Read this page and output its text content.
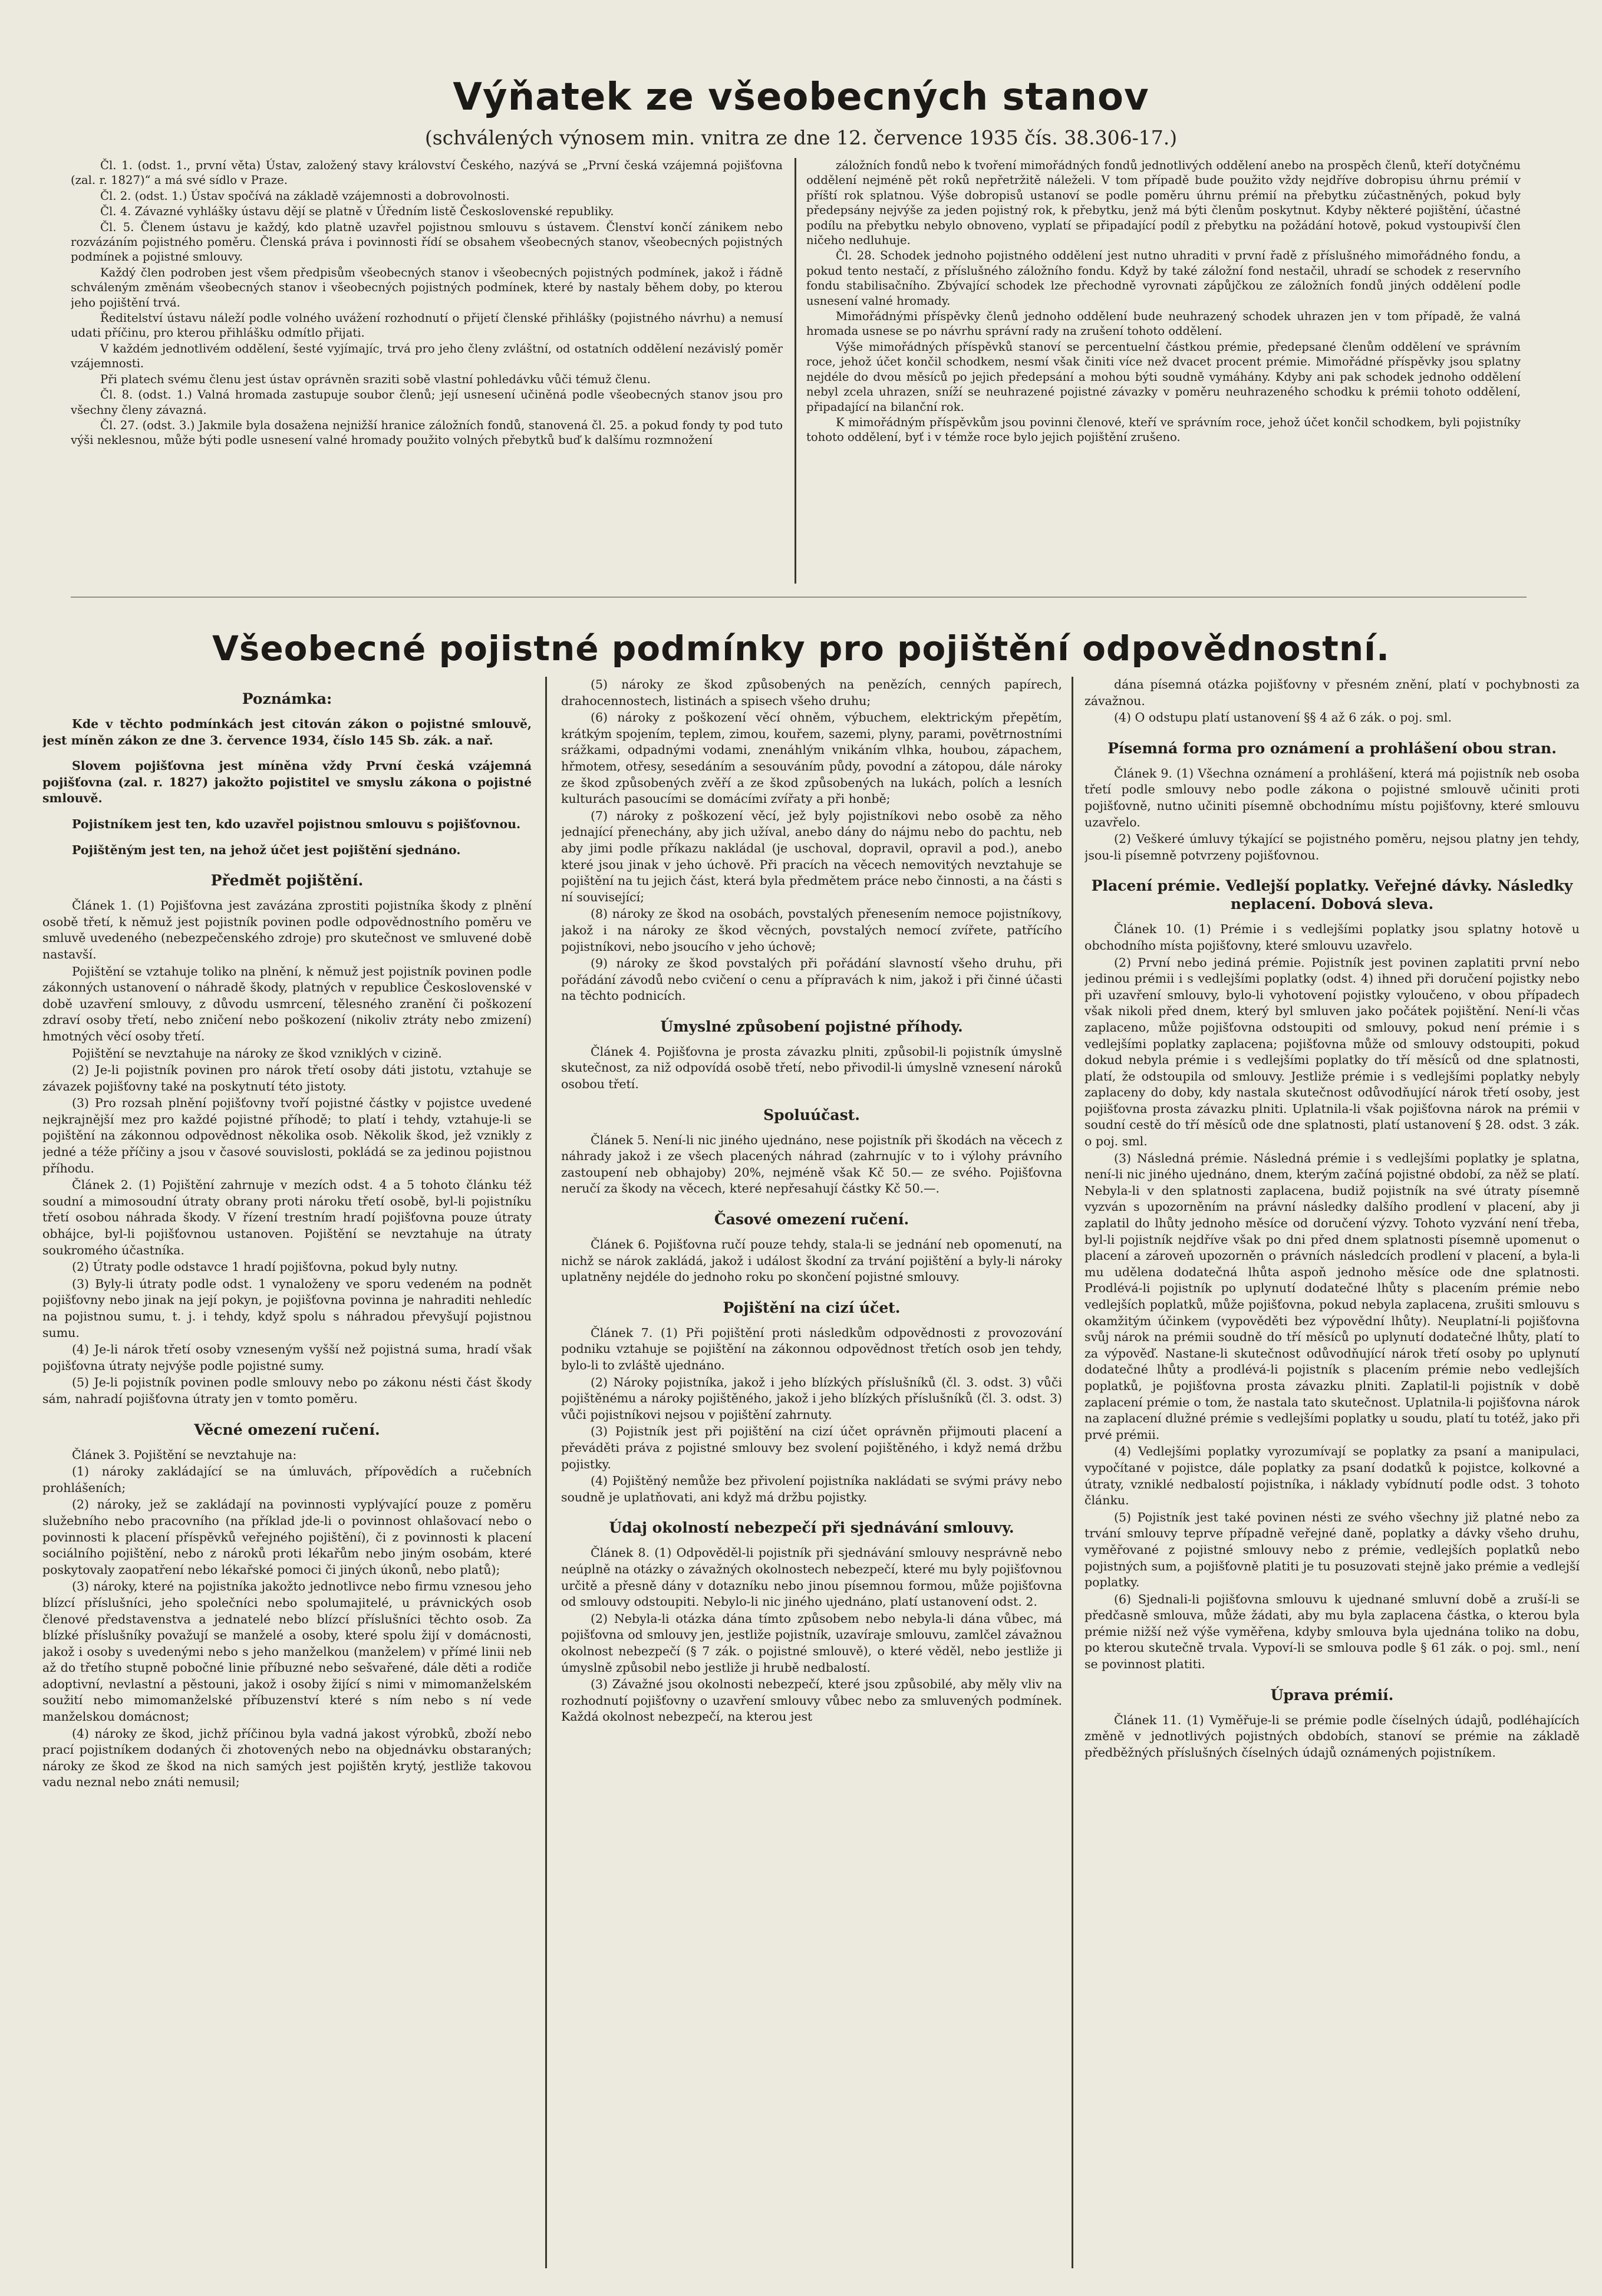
Výňatek ze všeobecných stanov
(schválených výnosem min. vnitra ze dne 12. července 1935 čís. 38.306-17.)

Čl. 1. (odst. 1., první věta) Ústav, založený stavy království Českého, nazývá se „První česká vzájemná pojišťovna (zal. r. 1827)“ a má své sídlo v Praze.

Čl. 2. (odst. 1.) Ústav spočívá na základě vzájemnosti a dobrovolnosti.

Čl. 4. Závazné vyhlášky ústavu dějí se platně v Úředním listě Československé republiky.

Čl. 5. Členem ústavu je každý, kdo platně uzavřel pojistnou smlouvu s ústavem. Členství končí zánikem nebo rozvázáním pojistného poměru. Členská práva i povinnosti řídí se obsahem všeobecných stanov, všeobecných pojistných podmínek a pojistné smlouvy.

Každý člen podroben jest všem předpisům všeobecných stanov i všeobecných pojistných podmínek, jakož i řádně schváleným změnám všeobecných stanov i všeobecných pojistných podmínek, které by nastaly během doby, po kterou jeho pojištění trvá.

Ředitelství ústavu náleží podle volného uvážení rozhodnutí o přijetí členské přihlášky (pojistného návrhu) a nemusí udati příčinu, pro kterou přihlášku odmítlo přijati.

V každém jednotlivém oddělení, šesté vyjímajíc, trvá pro jeho členy zvláštní, od ostatních oddělení nezávislý poměr vzájemnosti.

Při platech svému členu jest ústav oprávněn sraziti sobě vlastní pohledávku vůči témuž členu.

Čl. 8. (odst. 1.) Valná hromada zastupuje soubor členů; její usnesení učiněná podle všeobecných stanov jsou pro všechny členy závazná.

Čl. 27. (odst. 3.) Jakmile byla dosažena nejnižší hranice záložních fondů, stanovená čl. 25. a pokud fondy ty pod tuto výši neklesnou, může býti podle usnesení valné hromady použito volných přebytků buď k dalšímu rozmnožení

záložních fondů nebo k tvoření mimořádných fondů jednotlivých oddělení anebo na prospěch členů, kteří dotyčnému oddělení nejméně pět roků nepřetržitě náleželi. V tom případě bude použito vždy nejdříve dobropisu úhrnu prémií v příští rok splatnou. Výše dobropisů ustanoví se podle poměru úhrnu prémií na přebytku zúčastněných, pokud byly předepsány nejvýše za jeden pojistný rok, k přebytku, jenž má býti členům poskytnut. Kdyby některé pojištění, účastné podílu na přebytku nebylo obnoveno, vyplatí se připadající podíl z přebytku na požádání hotově, pokud vystoupivší člen ničeho nedluhuje.

Čl. 28. Schodek jednoho pojistného oddělení jest nutno uhraditi v první řadě z příslušného mimořádného fondu, a pokud tento nestačí, z příslušného záložního fondu. Když by také záložní fond nestačil, uhradí se schodek z reservního fondu stabilisačního. Zbývající schodek lze přechodně vyrovnati zápůjčkou ze záložních fondů jiných oddělení podle usnesení valné hromady.

Mimořádnými příspěvky členů jednoho oddělení bude neuhrazený schodek uhrazen jen v tom případě, že valná hromada usnese se po návrhu správní rady na zrušení tohoto oddělení.

Výše mimořádných příspěvků stanoví se percentuelní částkou prémie, předepsané členům oddělení ve správním roce, jehož účet končil schodkem, nesmí však činiti více než dvacet procent prémie. Mimořádné příspěvky jsou splatny nejdéle do dvou měsíců po jejich předepsání a mohou býti soudně vymáhány. Kdyby ani pak schodek jednoho oddělení nebyl zcela uhrazen, sníží se neuhrazené pojistné závazky v poměru neuhrazeného schodku k prémii tohoto oddělení, připadající na bilanční rok.

K mimořádným příspěvkům jsou povinni členové, kteří ve správním roce, jehož účet končil schodkem, byli pojistníky tohoto oddělení, byť i v témže roce bylo jejich pojištění zrušeno.

Všeobecné pojistné podmínky pro pojištění odpovědnostní.
Poznámka:

Kde v těchto podmínkách jest citován zákon o pojistné smlouvě, jest míněn zákon ze dne 3. července 1934, číslo 145 Sb. zák. a nař.

Slovem pojišťovna jest míněna vždy První česká vzájemná pojišťovna (zal. r. 1827) jakožto pojistitel ve smyslu zákona o pojistné smlouvě.

Pojistníkem jest ten, kdo uzavřel pojistnou smlouvu s pojišťovnou.

Pojištěným jest ten, na jehož účet jest pojištění sjednáno.

Předmět pojištění.

Článek 1. (1) Pojišťovna jest zavázána zprostiti pojistníka škody z plnění osobě třetí, k němuž jest pojistník povinen podle odpovědnostního poměru ve smluvě uvedeného (nebezpečenského zdroje) pro skutečnost ve smluvené době nastavší.

Pojištění se vztahuje toliko na plnění, k němuž jest pojistník povinen podle zákonných ustanovení o náhradě škody, platných v republice Československé v době uzavření smlouvy, z důvodu usmrcení, tělesného zranění či poškození zdraví osoby třetí, nebo zničení nebo poškození (nikoliv ztráty nebo zmizení) hmotných věcí osoby třetí.

Pojištění se nevztahuje na nároky ze škod vzniklých v cizině.

(2) Je-li pojistník povinen pro nárok třetí osoby dáti jistotu, vztahuje se závazek pojišťovny také na poskytnutí této jistoty.

(3) Pro rozsah plnění pojišťovny tvoří pojistné částky v pojistce uvedené nejkrajnější mez pro každé pojistné příhodě; to platí i tehdy, vztahuje-li se pojištění na zákonnou odpovědnost několika osob. Několik škod, jež vznikly z jedné a téže příčiny a jsou v časové souvislosti, pokládá se za jedinou pojistnou příhodu.

Článek 2. (1) Pojištění zahrnuje v mezích odst. 4 a 5 tohoto článku též soudní a mimosoudní útraty obrany proti nároku třetí osobě, byl-li pojistníku třetí osobou náhrada škody. V řízení trestním hradí pojišťovna pouze útraty obhájce, byl-li pojišťovnou ustanoven. Pojištění se nevztahuje na útraty soukromého účastníka.

(2) Útraty podle odstavce 1 hradí pojišťovna, pokud byly nutny.

(3) Byly-li útraty podle odst. 1 vynaloženy ve sporu vedeném na podnět pojišťovny nebo jinak na její pokyn, je pojišťovna povinna je nahraditi nehledíc na pojistnou sumu, t. j. i tehdy, když spolu s náhradou převyšují pojistnou sumu.

(4) Je-li nárok třetí osoby vzneseným vyšší než pojistná suma, hradí však pojišťovna útraty nejvýše podle pojistné sumy.

(5) Je-li pojistník povinen podle smlouvy nebo po zákonu nésti část škody sám, nahradí pojišťovna útraty jen v tomto poměru.

Věcné omezení ručení.

Článek 3. Pojištění se nevztahuje na:

(1) nároky zakládající se na úmluvách, přípovědích a ručebních prohlášeních;

(2) nároky, jež se zakládají na povinnosti vyplývající pouze z poměru služebního nebo pracovního (na příklad jde-li o povinnost ohlašovací nebo o povinnosti k placení příspěvků veřejného pojištění), či z povinnosti k placení sociálního pojištění, nebo z nároků proti lékařům nebo jiným osobám, které poskytovaly zaopatření nebo lékařské pomoci či jiných úkonů, nebo platů);

(3) nároky, které na pojistníka jakožto jednotlivce nebo firmu vznesou jeho blízcí příslušníci, jeho společníci nebo spolumajitelé, u právnických osob členové představenstva a jednatelé nebo blízcí příslušníci těchto osob. Za blízké příslušníky považují se manželé a osoby, které spolu žijí v domácnosti, jakož i osoby s uvedenými nebo s jeho manželkou (manželem) v přímé linii neb až do třetího stupně pobočné linie příbuzné nebo sešvařené, dále děti a rodiče adoptivní, nevlastní a pěstouni, jakož i osoby žijící s nimi v mimomanželském soužití nebo mimomanželské příbuzenství které s ním nebo s ní vede manželskou domácnost;

(4) nároky ze škod, jichž příčinou byla vadná jakost výrobků, zboží nebo prací pojistníkem dodaných či zhotovených nebo na objednávku obstaraných; nároky ze škod ze škod na nich samých jest pojištěn krytý, jestliže takovou vadu neznal nebo znáti nemusil;

(5) nároky ze škod způsobených na penězích, cenných papírech, drahocennostech, listinách a spisech všeho druhu;

(6) nároky z poškození věcí ohněm, výbuchem, elektrickým přepětím, krátkým spojením, teplem, zimou, kouřem, sazemi, plyny, parami, povětrnostními srážkami, odpadnými vodami, znenáhlým vnikáním vlhka, houbou, zápachem, hřmotem, otřesy, sesedáním a sesouváním půdy, povodní a zátopou, dále nároky ze škod způsobených zvěří a ze škod způsobených na lukách, polích a lesních kulturách pasoucími se domácími zvířaty a při honbě;

(7) nároky z poškození věcí, jež byly pojistníkovi nebo osobě za něho jednající přenechány, aby jich užíval, anebo dány do nájmu nebo do pachtu, neb aby jimi podle příkazu nakládal (je uschoval, dopravil, opravil a pod.), anebo které jsou jinak v jeho úchově. Při pracích na věcech nemovitých nevztahuje se pojištění na tu jejich část, která byla předmětem práce nebo činnosti, a na části s ní související;

(8) nároky ze škod na osobách, povstalých přenesením nemoce pojistníkovy, jakož i na nároky ze škod věcných, povstalých nemocí zvířete, patřícího pojistníkovi, nebo jsoucího v jeho úchově;

(9) nároky ze škod povstalých při pořádání slavností všeho druhu, při pořádání závodů nebo cvičení o cenu a přípravách k nim, jakož i při činné účasti na těchto podnicích.

Úmyslné způsobení pojistné příhody.

Článek 4. Pojišťovna je prosta závazku plniti, způsobil-li pojistník úmyslně skutečnost, za niž odpovídá osobě třetí, nebo přivodil-li úmyslně vznesení nároků osobou třetí.

Spoluúčast.

Článek 5. Není-li nic jiného ujednáno, nese pojistník při škodách na věcech z náhrady jakož i ze všech placených náhrad (zahrnujíc v to i výlohy právního zastoupení neb obhajoby) 20%, nejméně však Kč 50.— ze svého. Pojišťovna neručí za škody na věcech, které nepřesahují částky Kč 50.—.

Časové omezení ručení.

Článek 6. Pojišťovna ručí pouze tehdy, stala-li se jednání neb opomenutí, na nichž se nárok zakládá, jakož i událost škodní za trvání pojištění a byly-li nároky uplatněny nejdéle do jednoho roku po skončení pojistné smlouvy.

Pojištění na cizí účet.

Článek 7. (1) Při pojištění proti následkům odpovědnosti z provozování podniku vztahuje se pojištění na zákonnou odpovědnost třetích osob jen tehdy, bylo-li to zvláště ujednáno.

(2) Nároky pojistníka, jakož i jeho blízkých příslušníků (čl. 3. odst. 3) vůči pojištěnému a nároky pojištěného, jakož i jeho blízkých příslušníků (čl. 3. odst. 3) vůči pojistníkovi nejsou v pojištění zahrnuty.

(3) Pojistník jest při pojištění na cizí účet oprávněn přijmouti placení a převáděti práva z pojistné smlouvy bez svolení pojištěného, i když nemá držbu pojistky.

(4) Pojištěný nemůže bez přivolení pojistníka nakládati se svými právy nebo soudně je uplatňovati, ani když má držbu pojistky.

Údaj okolností nebezpečí při sjednávání smlouvy.

Článek 8. (1) Odpověděl-li pojistník při sjednávání smlouvy nesprávně nebo neúplně na otázky o závažných okolnostech nebezpečí, které mu byly pojišťovnou určitě a přesně dány v dotazníku nebo jinou písemnou formou, může pojišťovna od smlouvy odstoupiti. Nebylo-li nic jiného ujednáno, platí ustanovení odst. 2.

(2) Nebyla-li otázka dána tímto způsobem nebo nebyla-li dána vůbec, má pojišťovna od smlouvy jen, jestliže pojistník, uzavíraje smlouvu, zamlčel závažnou okolnost nebezpečí (§ 7 zák. o pojistné smlouvě), o které věděl, nebo jestliže ji úmyslně způsobil nebo jestliže ji hrubě nedbalostí.

(3) Závažné jsou okolnosti nebezpečí, které jsou způsobilé, aby měly vliv na rozhodnutí pojišťovny o uzavření smlouvy vůbec nebo za smluvených podmínek. Každá okolnost nebezpečí, na kterou jest

dána písemná otázka pojišťovny v přesném znění, platí v pochybnosti za závažnou.

(4) O odstupu platí ustanovení §§ 4 až 6 zák. o poj. sml.

Písemná forma pro oznámení a prohlášení obou stran.

Článek 9. (1) Všechna oznámení a prohlášení, která má pojistník neb osoba třetí podle smlouvy nebo podle zákona o pojistné smlouvě učiniti proti pojišťovně, nutno učiniti písemně obchodnímu místu pojišťovny, které smlouvu uzavřelo.

(2) Veškeré úmluvy týkající se pojistného poměru, nejsou platny jen tehdy, jsou-li písemně potvrzeny pojišťovnou.

Placení prémie. Vedlejší poplatky. Veřejné dávky. Následky neplacení. Dobová sleva.

Článek 10. (1) Prémie i s vedlejšími poplatky jsou splatny hotově u obchodního místa pojišťovny, které smlouvu uzavřelo.

(2) První nebo jediná prémie. Pojistník jest povinen zaplatiti první nebo jedinou prémii i s vedlejšími poplatky (odst. 4) ihned při doručení pojistky nebo při uzavření smlouvy, bylo-li vyhotovení pojistky vyloučeno, v obou případech však nikoli před dnem, který byl smluven jako počátek pojištění. Není-li včas zaplaceno, může pojišťovna odstoupiti od smlouvy, pokud není prémie i s vedlejšími poplatky zaplacena; pojišťovna může od smlouvy odstoupiti, pokud dokud nebyla prémie i s vedlejšími poplatky do tří měsíců od dne splatnosti, platí, že odstoupila od smlouvy. Jestliže prémie i s vedlejšími poplatky nebyly zaplaceny do doby, kdy nastala skutečnost odůvodňující nárok třetí osoby, jest pojišťovna prosta závazku plniti. Uplatnila-li však pojišťovna nárok na prémii v soudní cestě do tří měsíců ode dne splatnosti, platí ustanovení § 28. odst. 3 zák. o poj. sml.

(3) Následná prémie. Následná prémie i s vedlejšími poplatky je splatna, není-li nic jiného ujednáno, dnem, kterým začíná pojistné období, za něž se platí. Nebyla-li v den splatnosti zaplacena, budiž pojistník na své útraty písemně vyzván s upozorněním na právní následky dalšího prodlení v placení, aby ji zaplatil do lhůty jednoho měsíce od doručení výzvy. Tohoto vyzvání není třeba, byl-li pojistník nejdříve však po dni před dnem splatnosti písemně upomenut o placení a zároveň upozorněn o právních následcích prodlení v placení, a byla-li mu udělena dodatečná lhůta aspoň jednoho měsíce ode dne splatnosti. Prodlévá-li pojistník po uplynutí dodatečné lhůty s placením prémie nebo vedlejších poplatků, může pojišťovna, pokud nebyla zaplacena, zrušiti smlouvu s okamžitým účinkem (vypověděti bez výpovědní lhůty). Neuplatní-li pojišťovna svůj nárok na prémii soudně do tří měsíců po uplynutí dodatečné lhůty, platí to za výpověď. Nastane-li skutečnost odůvodňující nárok třetí osoby po uplynutí dodatečné lhůty a prodlévá-li pojistník s placením prémie nebo vedlejších poplatků, je pojišťovna prosta závazku plniti. Zaplatil-li pojistník v době zaplacení prémie o tom, že nastala tato skutečnost. Uplatnila-li pojišťovna nárok na zaplacení dlužné prémie s vedlejšími poplatky u soudu, platí tu totéž, jako při prvé prémii.

(4) Vedlejšími poplatky vyrozumívají se poplatky za psaní a manipulaci, vypočítané v pojistce, dále poplatky za psaní dodatků k pojistce, kolkovné a útraty, vzniklé nedbalostí pojistníka, i náklady vybídnutí podle odst. 3 tohoto článku.

(5) Pojistník jest také povinen nésti ze svého všechny již platné nebo za trvání smlouvy teprve případně veřejné daně, poplatky a dávky všeho druhu, vyměřované z pojistné smlouvy nebo z prémie, vedlejších poplatků nebo pojistných sum, a pojišťovně platiti je tu posuzovati stejně jako prémie a vedlejší poplatky.

(6) Sjednali-li pojišťovna smlouvu k ujednané smluvní době a zruší-li se předčasně smlouva, může žádati, aby mu byla zaplacena částka, o kterou byla prémie nižší než výše vyměřena, kdyby smlouva byla ujednána toliko na dobu, po kterou skutečně trvala. Vypoví-li se smlouva podle § 61 zák. o poj. sml., není se povinnost platiti.

Úprava prémií.

Článek 11. (1) Vyměřuje-li se prémie podle číselných údajů, podléhajících změně v jednotlivých pojistných obdobích, stanoví se prémie na základě předběžných příslušných číselných údajů oznámených pojistníkem.
